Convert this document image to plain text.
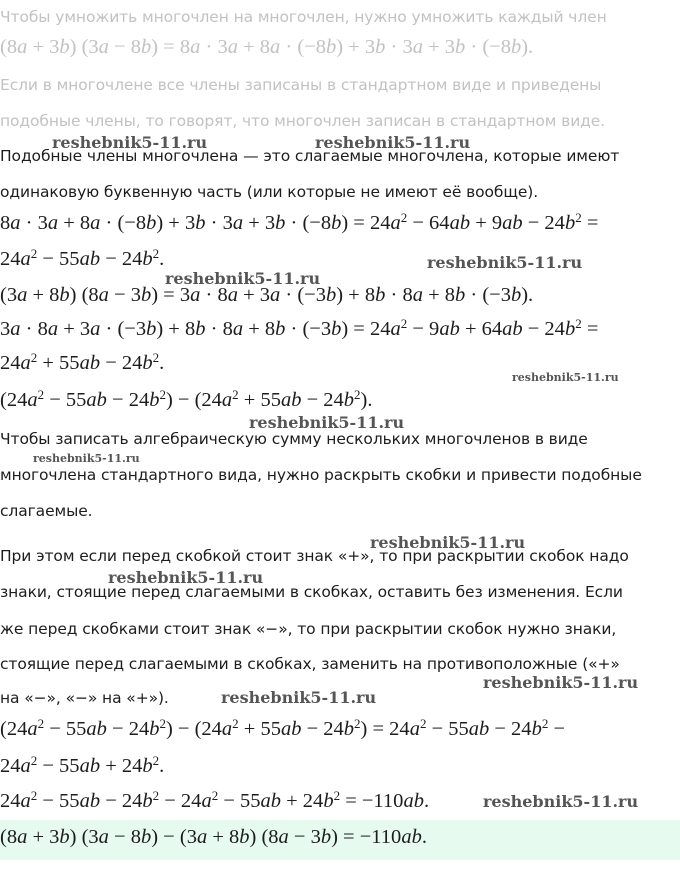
Чтобы умножить многочлен на многочлен, нужно умножить каждый член
(8a + 3b) (3a − 8b) = 8a · 3a + 8a · (−8b) + 3b · 3a + 3b · (−8b).
Если в многочлене все члены записаны в стандартном виде и приведены
подобные члены, то говорят, что многочлен записан в стандартном виде.
Подобные члены многочлена — это слагаемые многочлена, которые имеют
одинаковую буквенную часть (или которые не имеют её вообще).
$8a \cdot 3a + 8a \cdot (-8b) + 3b \cdot 3a + 3b \cdot (-8b) = 24a^2 - 64ab + 9ab - 24b^2$ =
$24a^2 - 55ab - 24b^2$.
(3a + 8b) (8a − 3b) = 3a · 8a + 3a · (−3b) + 8b · 8a + 8b · (−3b).
$3a \cdot 8a + 3a \cdot (-3b) + 8b \cdot 8a + 8b \cdot (-3b) = 24a^2 - 9ab + 64ab - 24b^2$ =
$24a^2 + 55ab - 24b^2$.
$(24a^2 - 55ab - 24b^2) - (24a^2 + 55ab - 24b^2)$.
Чтобы записать алгебраическую сумму нескольких многочленов в виде
многочлена стандартного вида, нужно раскрыть скобки и привести подобные
слагаемые.
При этом если перед скобкой стоит знак «+», то при раскрытии скобок надо
знаки, стоящие перед слагаемыми в скобках, оставить без изменения. Если
же перед скобками стоит знак «−», то при раскрытии скобок нужно знаки,
стоящие перед слагаемыми в скобках, заменить на противоположные («+»
на «−», «−» на «+»).
$(24a^2 - 55ab - 24b^2) - (24a^2 + 55ab - 24b^2) = 24a^2 - 55ab - 24b^2$ −
$24a^2 - 55ab + 24b^2$.
$24a^2 - 55ab - 24b^2 - 24a^2 - 55ab + 24b^2 = -110ab$.
(8a + 3b) (3a − 8b) − (3a + 8b) (8a − 3b) = −110ab.
reshebnik5-11.ru	reshebnik5-11.ru
reshebnik5-11.ru
reshebnik5-11.ru
reshebnik5-11.ru
reshebnik5-11.ru
reshebnik5-11.ru
reshebnik5-11.ru
reshebnik5-11.ru
reshebnik5-11.ru
reshebnik5-11.ru
reshebnik5-11.ru
